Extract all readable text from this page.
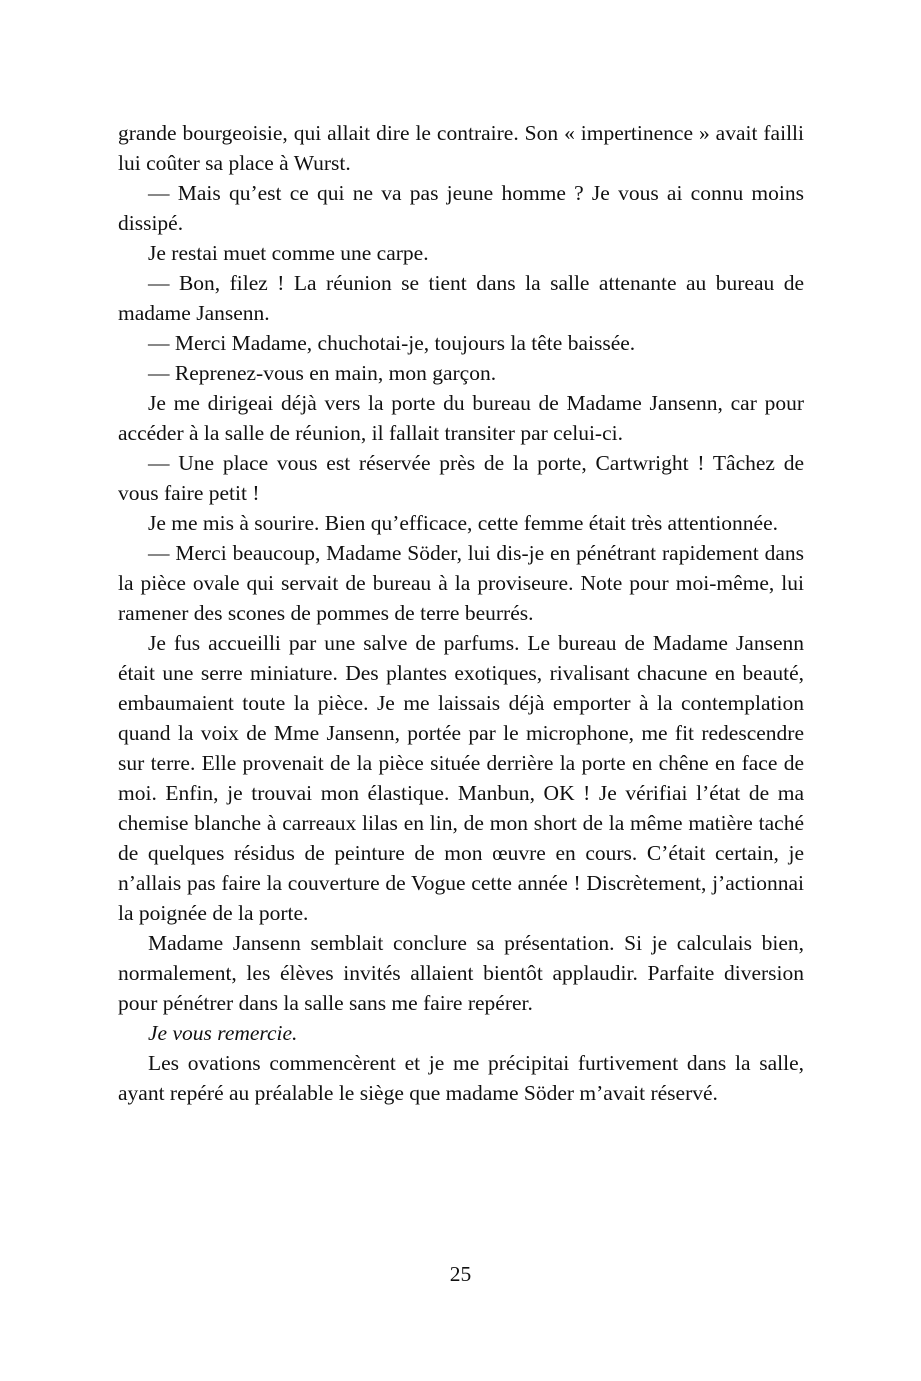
grande bourgeoisie, qui allait dire le contraire. Son « impertinence » avait failli lui coûter sa place à Wurst.

— Mais qu’est ce qui ne va pas jeune homme ? Je vous ai connu moins dissipé.

Je restai muet comme une carpe.

— Bon, filez ! La réunion se tient dans la salle attenante au bureau de madame Jansenn.

— Merci Madame, chuchotai-je, toujours la tête baissée.

— Reprenez-vous en main, mon garçon.

Je me dirigeai déjà vers la porte du bureau de Madame Jansenn, car pour accéder à la salle de réunion, il fallait transiter par celui-ci.

— Une place vous est réservée près de la porte, Cartwright ! Tâchez de vous faire petit !

Je me mis à sourire. Bien qu’efficace, cette femme était très attentionnée.

— Merci beaucoup, Madame Söder, lui dis-je en pénétrant rapidement dans la pièce ovale qui servait de bureau à la proviseure. Note pour moi-même, lui ramener des scones de pommes de terre beurrés.

Je fus accueilli par une salve de parfums. Le bureau de Madame Jansenn était une serre miniature. Des plantes exotiques, rivalisant chacune en beauté, embaumaient toute la pièce. Je me laissais déjà emporter à la contemplation quand la voix de Mme Jansenn, portée par le microphone, me fit redescendre sur terre. Elle provenait de la pièce située derrière la porte en chêne en face de moi. Enfin, je trouvai mon élastique. Manbun, OK ! Je vérifiai l’état de ma chemise blanche à carreaux lilas en lin, de mon short de la même matière taché de quelques résidus de peinture de mon œuvre en cours. C’était certain, je n’allais pas faire la couverture de Vogue cette année ! Discrètement, j’actionnai la poignée de la porte.

Madame Jansenn semblait conclure sa présentation. Si je calculais bien, normalement, les élèves invités allaient bientôt applaudir. Parfaite diversion pour pénétrer dans la salle sans me faire repérer.

Je vous remercie.

Les ovations commencèrent et je me précipitai furtivement dans la salle, ayant repéré au préalable le siège que madame Söder m’avait réservé.

25
